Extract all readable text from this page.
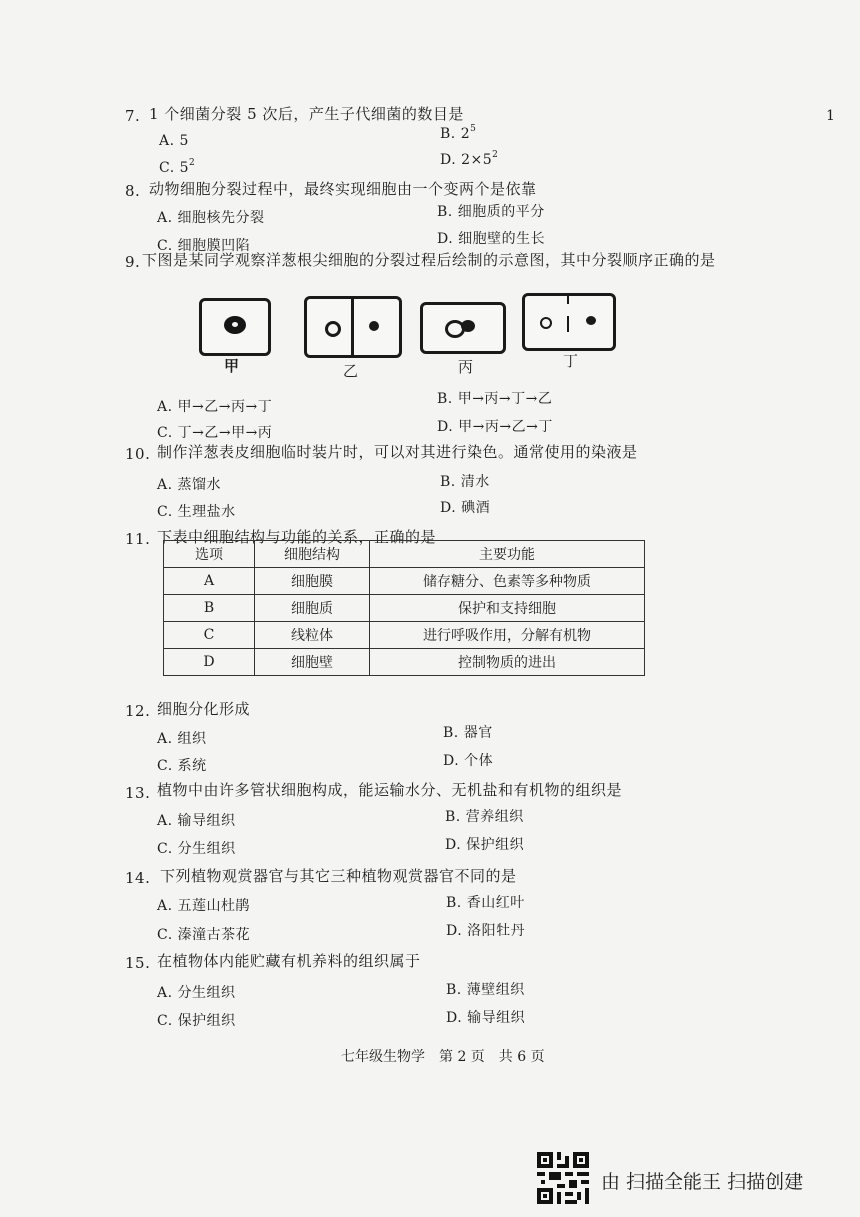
1
7. 1 个细菌分裂 5 次后，产生子代细菌的数目是
A. 5	B. $2^5$
C. $5^2$	D. $2\times 5^2$
8. 动物细胞分裂过程中，最终实现细胞由一个变两个是依靠
A. 细胞核先分裂	B. 细胞质的平分
C. 细胞膜凹陷	D. 细胞壁的生长
9. 下图是某同学观察洋葱根尖细胞的分裂过程后绘制的示意图，其中分裂顺序正确的是
甲	乙	丙	丁
A. 甲→乙→丙→丁	B. 甲→丙→丁→乙
C. 丁→乙→甲→丙	D. 甲→丙→乙→丁
10. 制作洋葱表皮细胞临时装片时，可以对其进行染色。通常使用的染液是
A. 蒸馏水	B. 清水
C. 生理盐水	D. 碘酒
11. 下表中细胞结构与功能的关系，正确的是
选项	细胞结构	主要功能
A	细胞膜	储存糖分、色素等多种物质
B	细胞质	保护和支持细胞
C	线粒体	进行呼吸作用，分解有机物
D	细胞壁	控制物质的进出
12. 细胞分化形成
A. 组织	B. 器官
C. 系统	D. 个体
13. 植物中由许多管状细胞构成，能运输水分、无机盐和有机物的组织是
A. 输导组织	B. 营养组织
C. 分生组织	D. 保护组织
14. 下列植物观赏器官与其它三种植物观赏器官不同的是
A. 五莲山杜鹃	B. 香山红叶
C. 溱潼古茶花	D. 洛阳牡丹
15. 在植物体内能贮藏有机养料的组织属于
A. 分生组织	B. 薄壁组织
C. 保护组织	D. 输导组织
七年级生物学　第 2 页　共 6 页
由 扫描全能王 扫描创建
